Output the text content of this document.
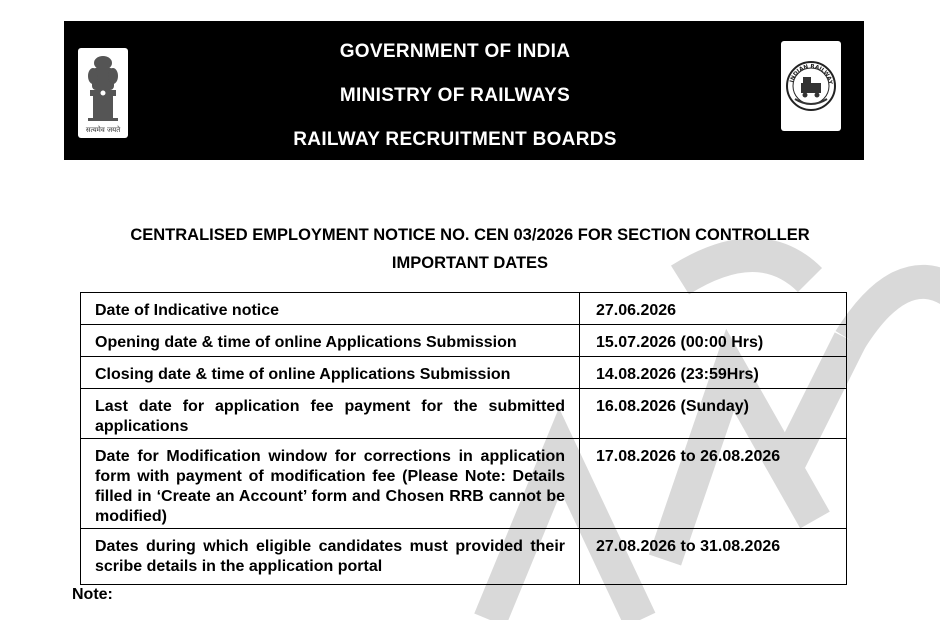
सत्यमेव जयते
INDIAN RAILWAY
GOVERNMENT OF INDIA
MINISTRY OF RAILWAYS
RAILWAY RECRUITMENT BOARDS
CENTRALISED EMPLOYMENT NOTICE NO. CEN 03/2026 FOR SECTION CONTROLLER
IMPORTANT DATES
Date of Indicative notice	27.06.2026
Opening date & time of online Applications Submission	15.07.2026 (00:00 Hrs)
Closing date & time of online Applications Submission	14.08.2026 (23:59Hrs)
Last date for application fee payment for the submitted applications	16.08.2026 (Sunday)
Date for Modification window for corrections in application form with payment of modification fee (Please Note: Details filled in ‘Create an Account’ form and Chosen RRB cannot be modified)	17.08.2026 to 26.08.2026
Dates during which eligible candidates must provided their scribe details in the application portal	27.08.2026 to 31.08.2026
Note:
